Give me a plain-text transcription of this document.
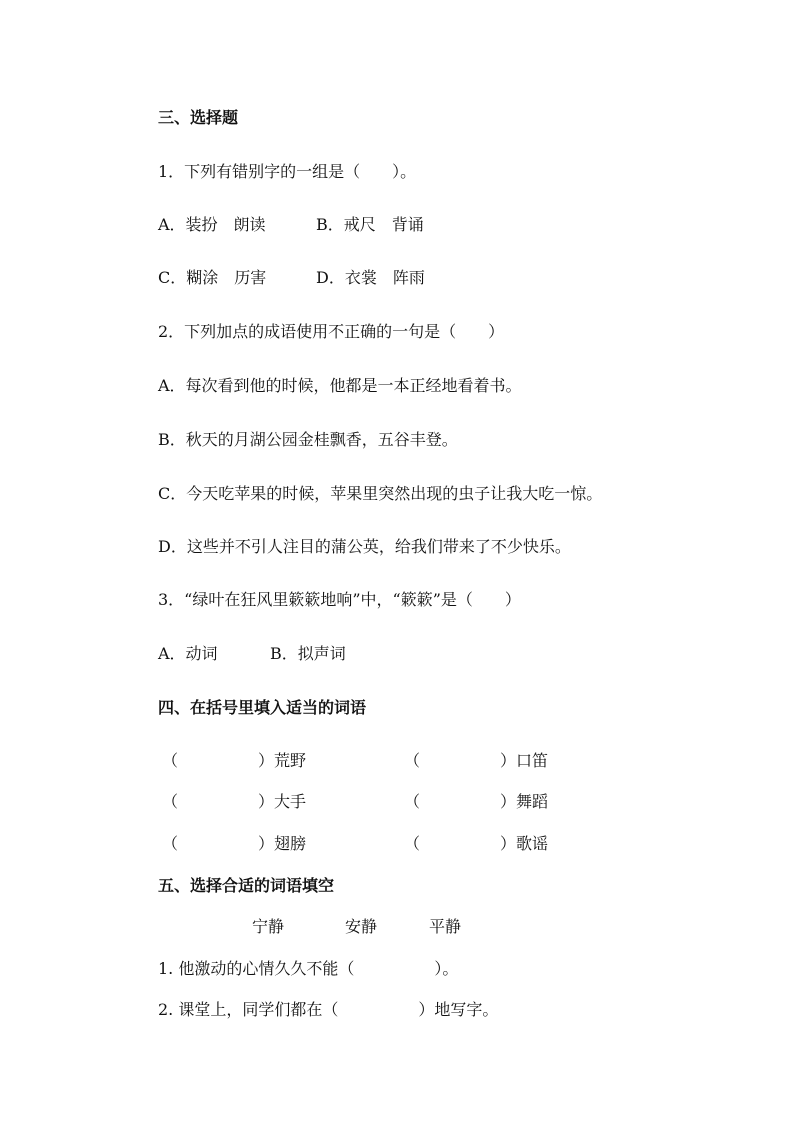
三、选择题
1．下列有错别字的一组是（　　）。
A．装扮　朗读	B．戒尺　背诵
C．糊涂　历害	D．衣裳　阵雨
2．下列加点的成语使用不正确的一句是（　　）
A．每次看到他的时候，他都是一本正经地看着书。
B．秋天的月湖公园金桂飘香，五谷丰登。
C．今天吃苹果的时候，苹果里突然出现的虫子让我大吃一惊。
D．这些并不引人注目的蒲公英，给我们带来了不少快乐。
3．“绿叶在狂风里簌簌地响”中，“簌簌”是（　　）
A．动词	B．拟声词
四、在括号里填入适当的词语
（　　　　　）荒野	（　　　　　）口笛
（　　　　　）大手	（　　　　　）舞蹈
（　　　　　）翅膀	（　　　　　）歌谣
五、选择合适的词语填空
宁静	安静	平静
1. 他激动的心情久久不能（　　　　　）。
2. 课堂上，同学们都在（　　　　　）地写字。
